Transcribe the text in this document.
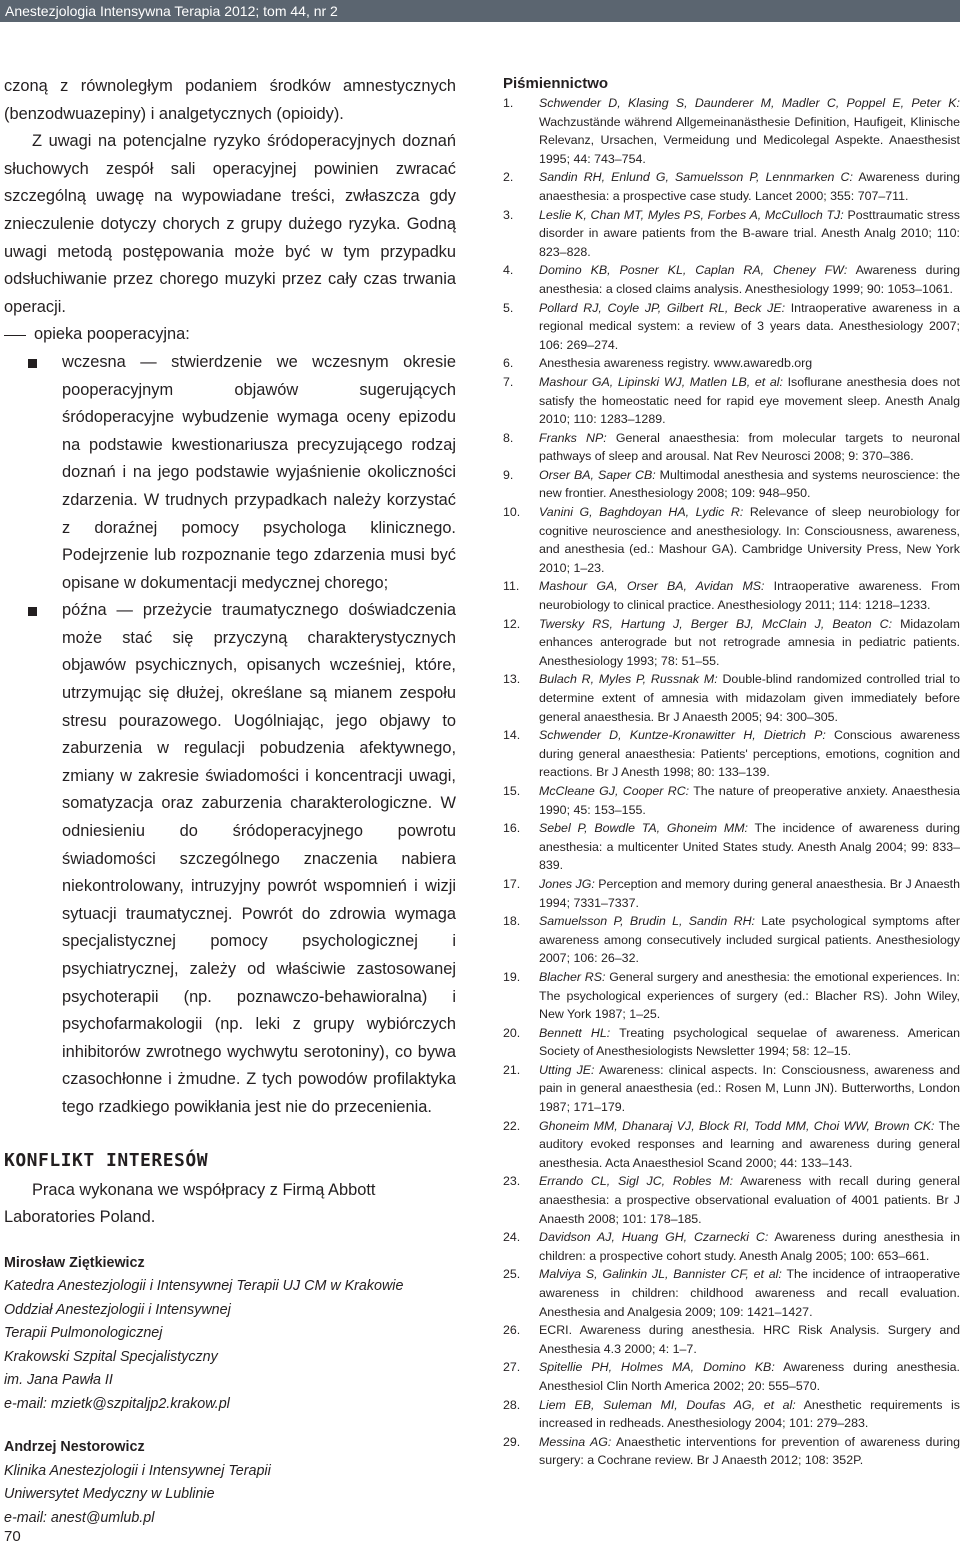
Anestezjologia Intensywna Terapia 2012; tom 44, nr 2

czoną z równoległym podaniem środków amnestycznych (benzodwuazepiny) i analgetycznych (opioidy).

Z uwagi na potencjalne ryzyko śródoperacyjnych doznań słuchowych zespół sali operacyjnej powinien zwracać szczególną uwagę na wypowiadane treści, zwłaszcza gdy znieczulenie dotyczy chorych z grupy dużego ryzyka. Godną uwagi metodą postępowania może być w tym przypadku odsłuchiwanie przez chorego muzyki przez cały czas trwania operacji.

opieka pooperacyjna:
wczesna — stwierdzenie we wczesnym okresie pooperacyjnym objawów sugerujących śródoperacyjne wybudzenie wymaga oceny epizodu na podstawie kwestionariusza precyzującego rodzaj doznań i na jego podstawie wyjaśnienie okoliczności zdarzenia. W trudnych przypadkach należy korzystać z doraźnej pomocy psychologa klinicznego. Podejrzenie lub rozpoznanie tego zdarzenia musi być opisane w dokumentacji medycznej chorego;
późna — przeżycie traumatycznego doświadczenia może stać się przyczyną charakterystycznych objawów psychicznych, opisanych wcześniej, które, utrzymując się dłużej, określane są mianem zespołu stresu pourazowego. Uogólniając, jego objawy to zaburzenia w regulacji pobudzenia afektywnego, zmiany w zakresie świadomości i koncentracji uwagi, somatyzacja oraz zaburzenia charakterologiczne. W odniesieniu do śródoperacyjnego powrotu świadomości szczególnego znaczenia nabiera niekontrolowany, intruzyjny powrót wspomnień i wizji sytuacji traumatycznej. Powrót do zdrowia wymaga specjalistycznej pomocy psychologicznej i psychiatrycznej, zależy od właściwie zastosowanej psychoterapii (np. poznawczo-behawioralna) i psychofarmakologii (np. leki z grupy wybiórczych inhibitorów zwrotnego wychwytu serotoniny), co bywa czasochłonne i żmudne. Z tych powodów profilaktyka tego rzadkiego powikłania jest nie do przecenienia.
KONFLIKT INTERESÓW

Praca wykonana we współpracy z Firmą Abbott Laboratories Poland.

Mirosław Ziętkiewicz
Katedra Anestezjologii i Intensywnej Terapii UJ CM w Krakowie
Oddział Anestezjologii i Intensywnej
Terapii Pulmonologicznej
Krakowski Szpital Specjalistyczny
im. Jana Pawła II
e-mail: mzietk@szpitaljp2.krakow.pl
Andrzej Nestorowicz
Klinika Anestezjologii i Intensywnej Terapii
Uniwersytet Medyczny w Lublinie
e-mail: anest@umlub.pl
Piśmiennictwo

1. Schwender D, Klasing S, Daunderer M, Madler C, Poppel E, Peter K: Wachzustände während Allgemeinanästhesie Definition, Haufigeit, Klinische Relevanz, Ursachen, Vermeidung und Medicolegal Aspekte. Anaesthesist 1995; 44: 743–754.

2. Sandin RH, Enlund G, Samuelsson P, Lennmarken C: Awareness during anaesthesia: a prospective case study. Lancet 2000; 355: 707–711.

3. Leslie K, Chan MT, Myles PS, Forbes A, McCulloch TJ: Posttraumatic stress disorder in aware patients from the B-aware trial. Anesth Analg 2010; 110: 823–828.

4. Domino KB, Posner KL, Caplan RA, Cheney FW: Awareness during anesthesia: a closed claims analysis. Anesthesiology 1999; 90: 1053–1061.

5. Pollard RJ, Coyle JP, Gilbert RL, Beck JE: Intraoperative awareness in a regional medical system: a review of 3 years data. Anesthesiology 2007; 106: 269–274.

6. Anesthesia awareness registry. www.awaredb.org

7. Mashour GA, Lipinski WJ, Matlen LB, et al: Isoflurane anesthesia does not satisfy the homeostatic need for rapid eye movement sleep. Anesth Analg 2010; 110: 1283–1289.

8. Franks NP: General anaesthesia: from molecular targets to neuronal pathways of sleep and arousal. Nat Rev Neurosci 2008; 9: 370–386.

9. Orser BA, Saper CB: Multimodal anesthesia and systems neuroscience: the new frontier. Anesthesiology 2008; 109: 948–950.

10. Vanini G, Baghdoyan HA, Lydic R: Relevance of sleep neurobiology for cognitive neuroscience and anesthesiology. In: Consciousness, awareness, and anesthesia (ed.: Mashour GA). Cambridge University Press, New York 2010; 1–23.

11. Mashour GA, Orser BA, Avidan MS: Intraoperative awareness. From neurobiology to clinical practice. Anesthesiology 2011; 114: 1218–1233.

12. Twersky RS, Hartung J, Berger BJ, McClain J, Beaton C: Midazolam enhances anterograde but not retrograde amnesia in pediatric patients. Anesthesiology 1993; 78: 51–55.

13. Bulach R, Myles P, Russnak M: Double-blind randomized controlled trial to determine extent of amnesia with midazolam given immediately before general anaesthesia. Br J Anaesth 2005; 94: 300–305.

14. Schwender D, Kuntze-Kronawitter H, Dietrich P: Conscious awareness during general anaesthesia: Patients' perceptions, emotions, cognition and reactions. Br J Anesth 1998; 80: 133–139.

15. McCleane GJ, Cooper RC: The nature of preoperative anxiety. Anaesthesia 1990; 45: 153–155.

16. Sebel P, Bowdle TA, Ghoneim MM: The incidence of awareness during anesthesia: a multicenter United States study. Anesth Analg 2004; 99: 833–839.

17. Jones JG: Perception and memory during general anaesthesia. Br J Anaesth 1994; 7331–7337.

18. Samuelsson P, Brudin L, Sandin RH: Late psychological symptoms after awareness among consecutively included surgical patients. Anesthesiology 2007; 106: 26–32.

19. Blacher RS: General surgery and anesthesia: the emotional experiences. In: The psychological experiences of surgery (ed.: Blacher RS). John Wiley, New York 1987; 1–25.

20. Bennett HL: Treating psychological sequelae of awareness. American Society of Anesthesiologists Newsletter 1994; 58: 12–15.

21. Utting JE: Awareness: clinical aspects. In: Consciousness, awareness and pain in general anaesthesia (ed.: Rosen M, Lunn JN). Butterworths, London 1987; 171–179.

22. Ghoneim MM, Dhanaraj VJ, Block RI, Todd MM, Choi WW, Brown CK: The auditory evoked responses and learning and awareness during general anesthesia. Acta Anaesthesiol Scand 2000; 44: 133–143.

23. Errando CL, Sigl JC, Robles M: Awareness with recall during general anaesthesia: a prospective observational evaluation of 4001 patients. Br J Anaesth 2008; 101: 178–185.

24. Davidson AJ, Huang GH, Czarnecki C: Awareness during anesthesia in children: a prospective cohort study. Anesth Analg 2005; 100: 653–661.

25. Malviya S, Galinkin JL, Bannister CF, et al: The incidence of intraoperative awareness in children: childhood awareness and recall evaluation. Anesthesia and Analgesia 2009; 109: 1421–1427.

26. ECRI. Awareness during anesthesia. HRC Risk Analysis. Surgery and Anesthesia 4.3 2000; 4: 1–7.

27. Spitellie PH, Holmes MA, Domino KB: Awareness during anesthesia. Anesthesiol Clin North America 2002; 20: 555–570.

28. Liem EB, Suleman MI, Doufas AG, et al: Anesthetic requirements is increased in redheads. Anesthesiology 2004; 101: 279–283.

29. Messina AG: Anaesthetic interventions for prevention of awareness during surgery: a Cochrane review. Br J Anaesth 2012; 108: 352P.

70
